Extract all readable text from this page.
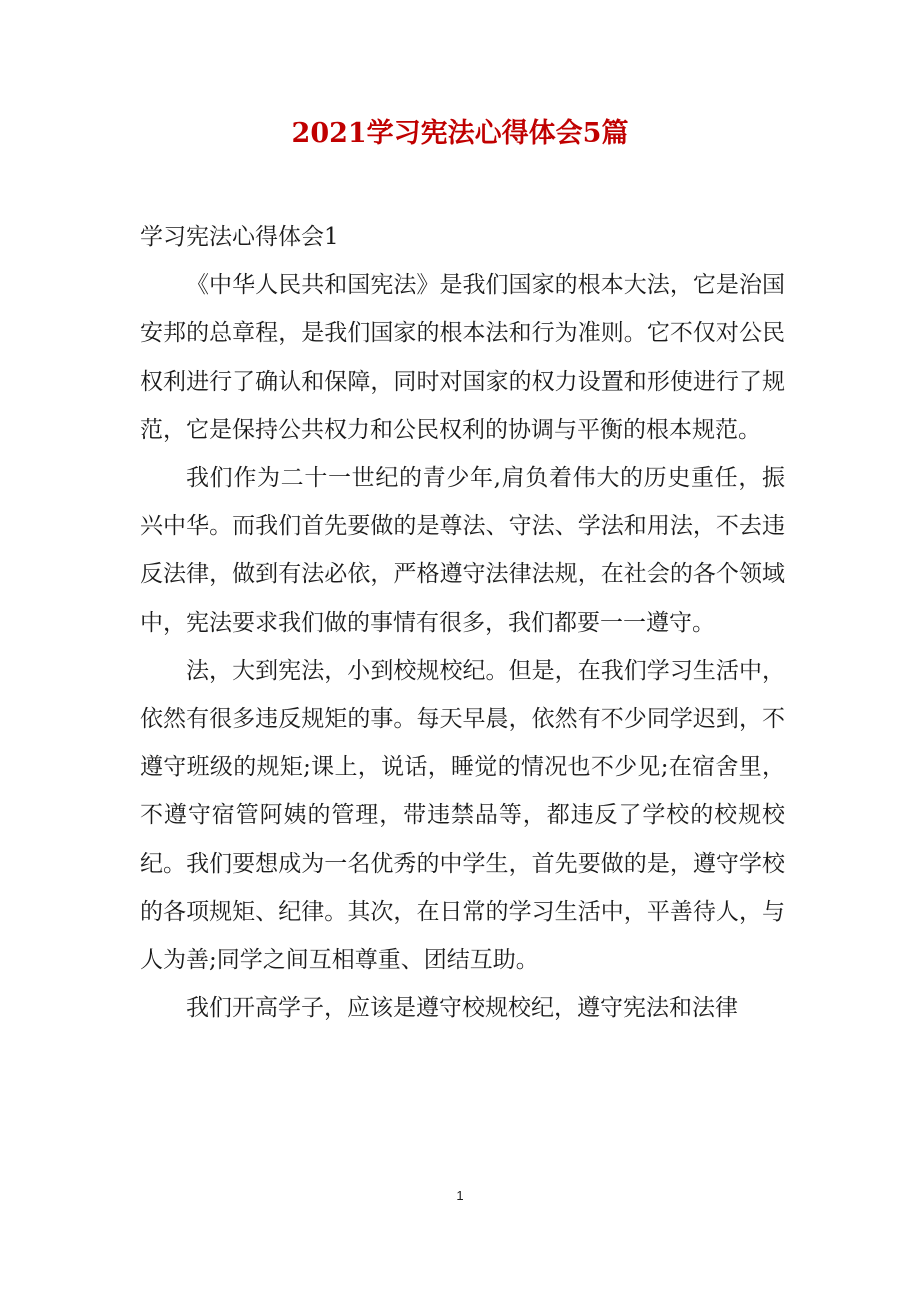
2021学习宪法心得体会5篇

学习宪法心得体会1

《中华人民共和国宪法》是我们国家的根本大法，它是治国安邦的总章程，是我们国家的根本法和行为准则。它不仅对公民权利进行了确认和保障，同时对国家的权力设置和形使进行了规范，它是保持公共权力和公民权利的协调与平衡的根本规范。

我们作为二十一世纪的青少年,肩负着伟大的历史重任，振兴中华。而我们首先要做的是尊法、守法、学法和用法，不去违反法律，做到有法必依，严格遵守法律法规，在社会的各个领域中，宪法要求我们做的事情有很多，我们都要一一遵守。

法，大到宪法，小到校规校纪。但是，在我们学习生活中，依然有很多违反规矩的事。每天早晨，依然有不少同学迟到，不遵守班级的规矩;课上，说话，睡觉的情况也不少见;在宿舍里，不遵守宿管阿姨的管理，带违禁品等，都违反了学校的校规校纪。我们要想成为一名优秀的中学生，首先要做的是，遵守学校的各项规矩、纪律。其次，在日常的学习生活中，平善待人，与人为善;同学之间互相尊重、团结互助。

我们开高学子，应该是遵守校规校纪，遵守宪法和法律

1
